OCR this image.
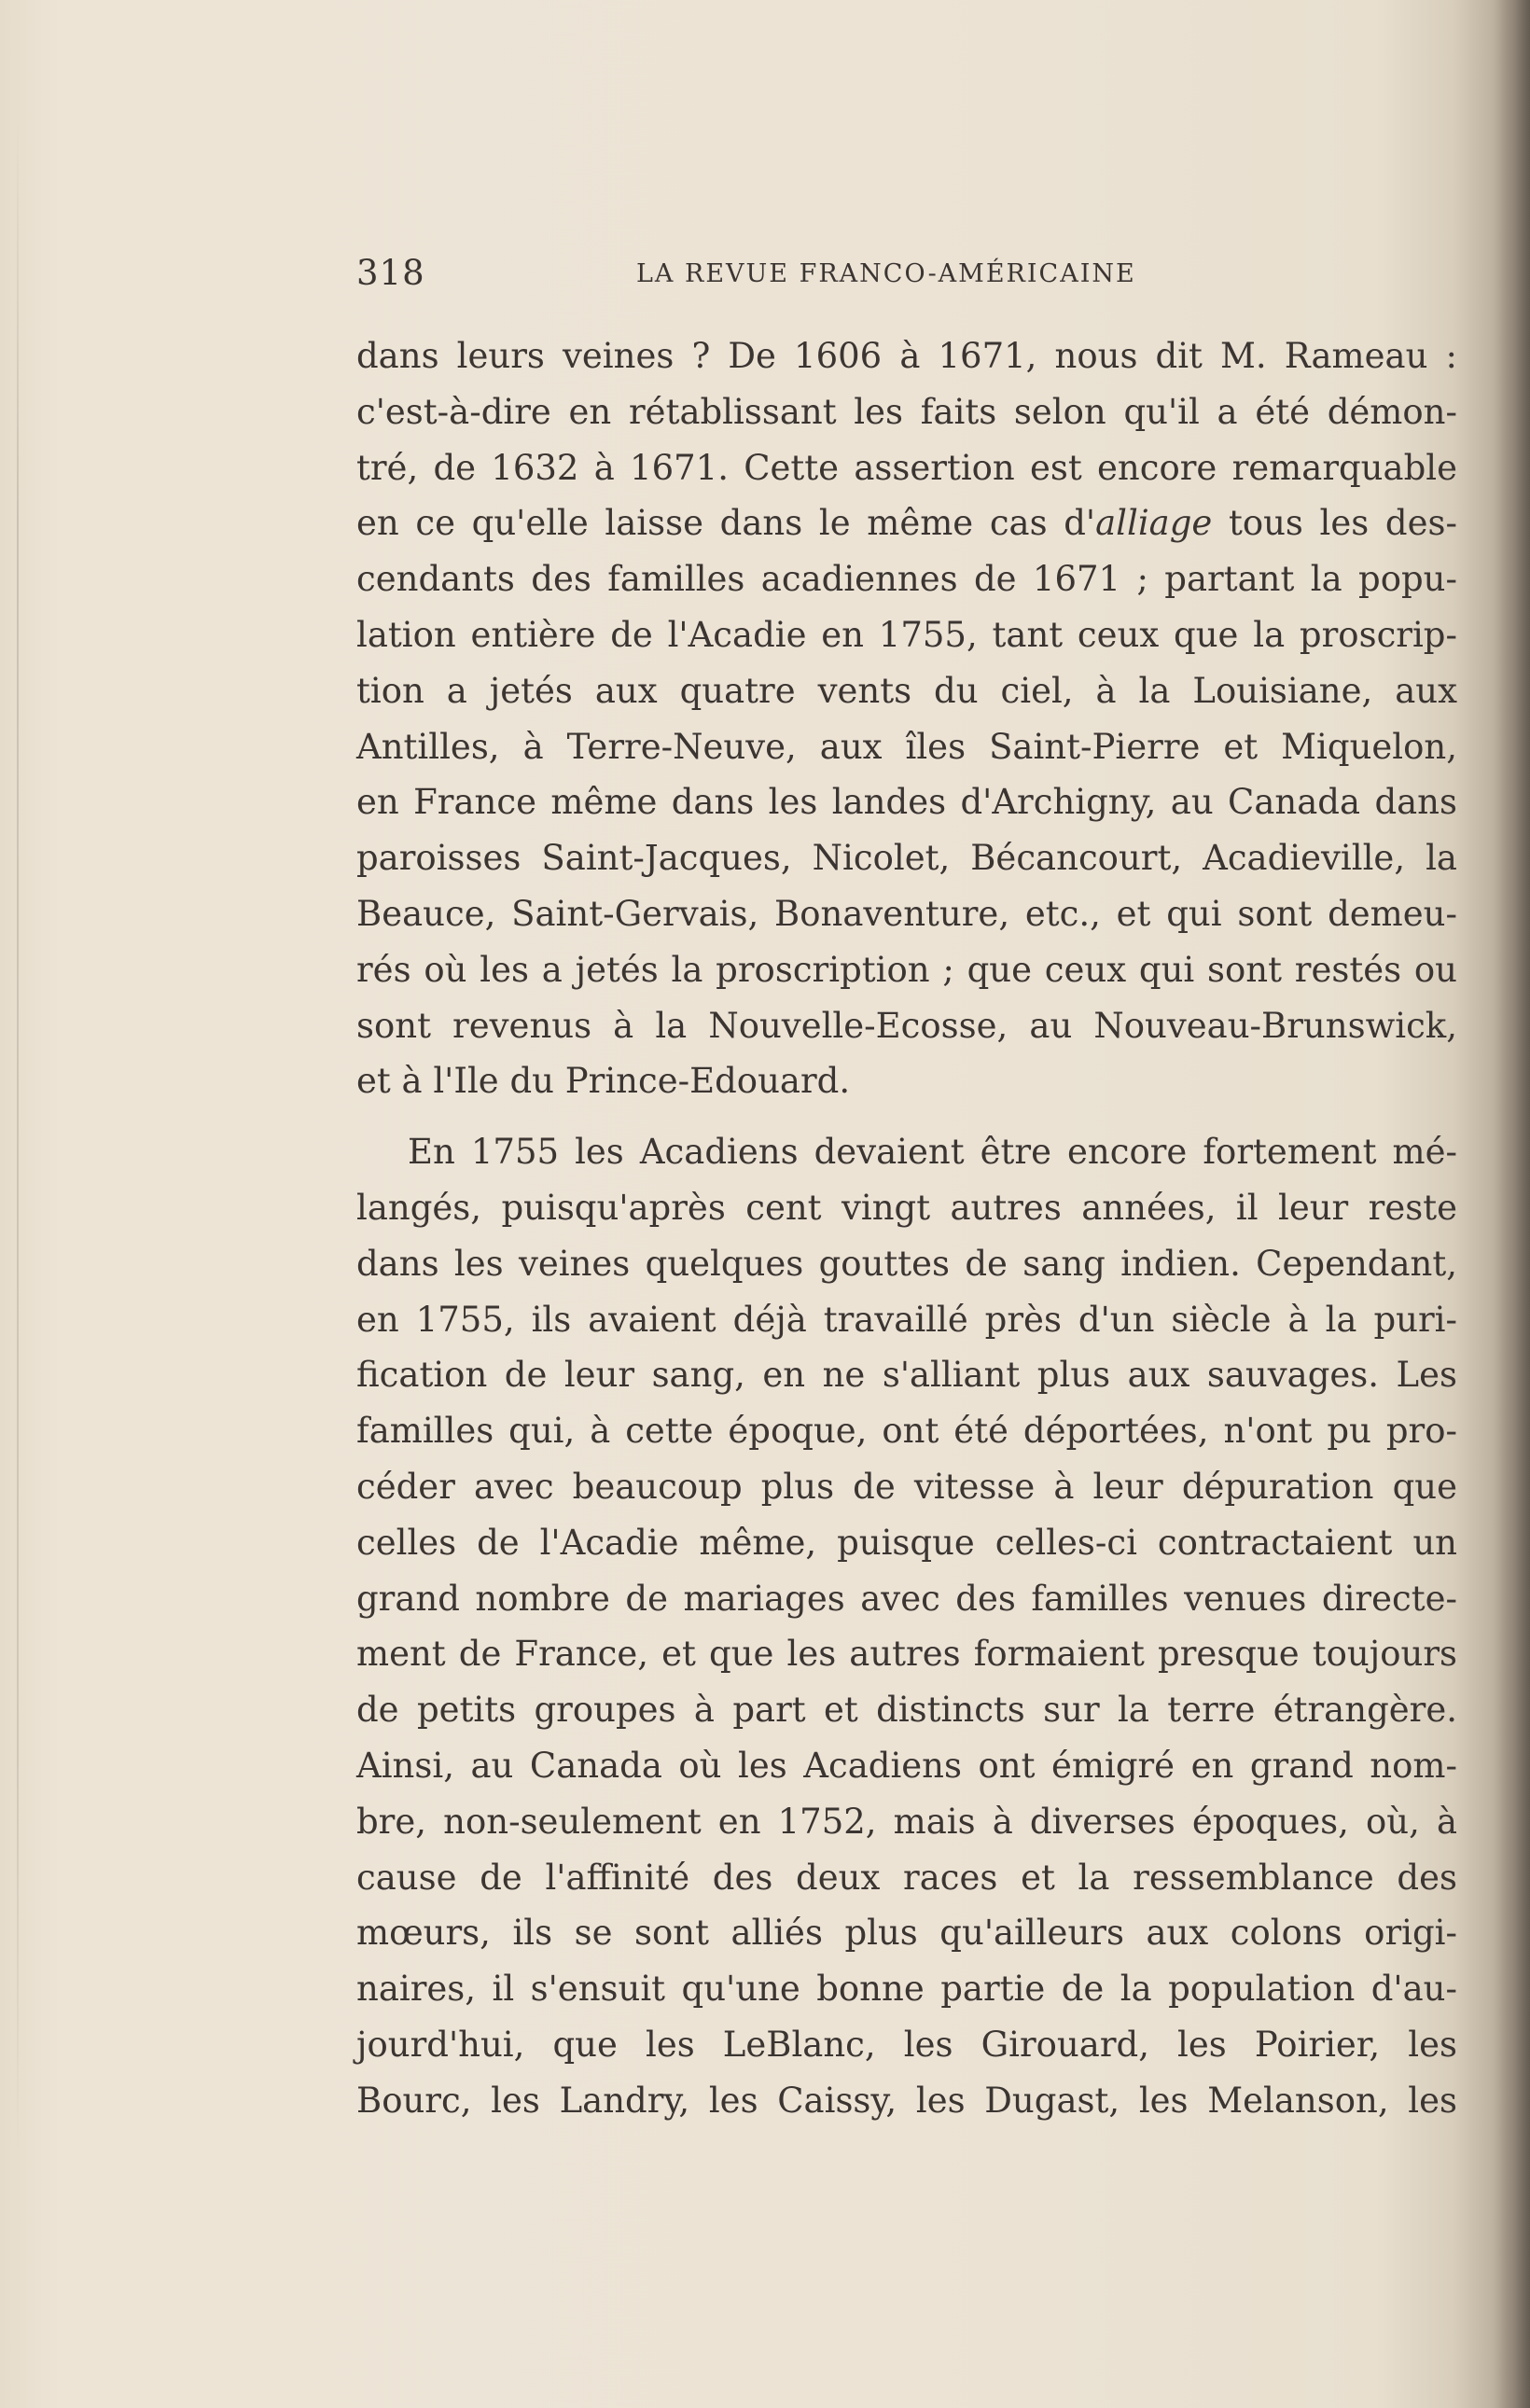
318	LA REVUE FRANCO-AMÉRICAINE
dans leurs veines ? De 1606 à 1671, nous dit M. Rameau :
c'est-à-dire en rétablissant les faits selon qu'il a été démon-
tré, de 1632 à 1671. Cette assertion est encore remarquable
en ce qu'elle laisse dans le même cas d'alliage tous les des-
cendants des familles acadiennes de 1671 ; partant la popu-
lation entière de l'Acadie en 1755, tant ceux que la proscrip-
tion a jetés aux quatre vents du ciel, à la Louisiane, aux
Antilles, à Terre-Neuve, aux îles Saint-Pierre et Miquelon,
en France même dans les landes d'Archigny, au Canada dans
paroisses Saint-Jacques, Nicolet, Bécancourt, Acadieville, la
Beauce, Saint-Gervais, Bonaventure, etc., et qui sont demeu-
rés où les a jetés la proscription ; que ceux qui sont restés ou
sont revenus à la Nouvelle-Ecosse, au Nouveau-Brunswick,
et à l'Ile du Prince-Edouard.
En 1755 les Acadiens devaient être encore fortement mé-
langés, puisqu'après cent vingt autres années, il leur reste
dans les veines quelques gouttes de sang indien. Cependant,
en 1755, ils avaient déjà travaillé près d'un siècle à la puri-
fication de leur sang, en ne s'alliant plus aux sauvages. Les
familles qui, à cette époque, ont été déportées, n'ont pu pro-
céder avec beaucoup plus de vitesse à leur dépuration que
celles de l'Acadie même, puisque celles-ci contractaient un
grand nombre de mariages avec des familles venues directe-
ment de France, et que les autres formaient presque toujours
de petits groupes à part et distincts sur la terre étrangère.
Ainsi, au Canada où les Acadiens ont émigré en grand nom-
bre, non-seulement en 1752, mais à diverses époques, où, à
cause de l'affinité des deux races et la ressemblance des
mœurs, ils se sont alliés plus qu'ailleurs aux colons origi-
naires, il s'ensuit qu'une bonne partie de la population d'au-
jourd'hui, que les LeBlanc, les Girouard, les Poirier, les
Bourc, les Landry, les Caissy, les Dugast, les Melanson, les
